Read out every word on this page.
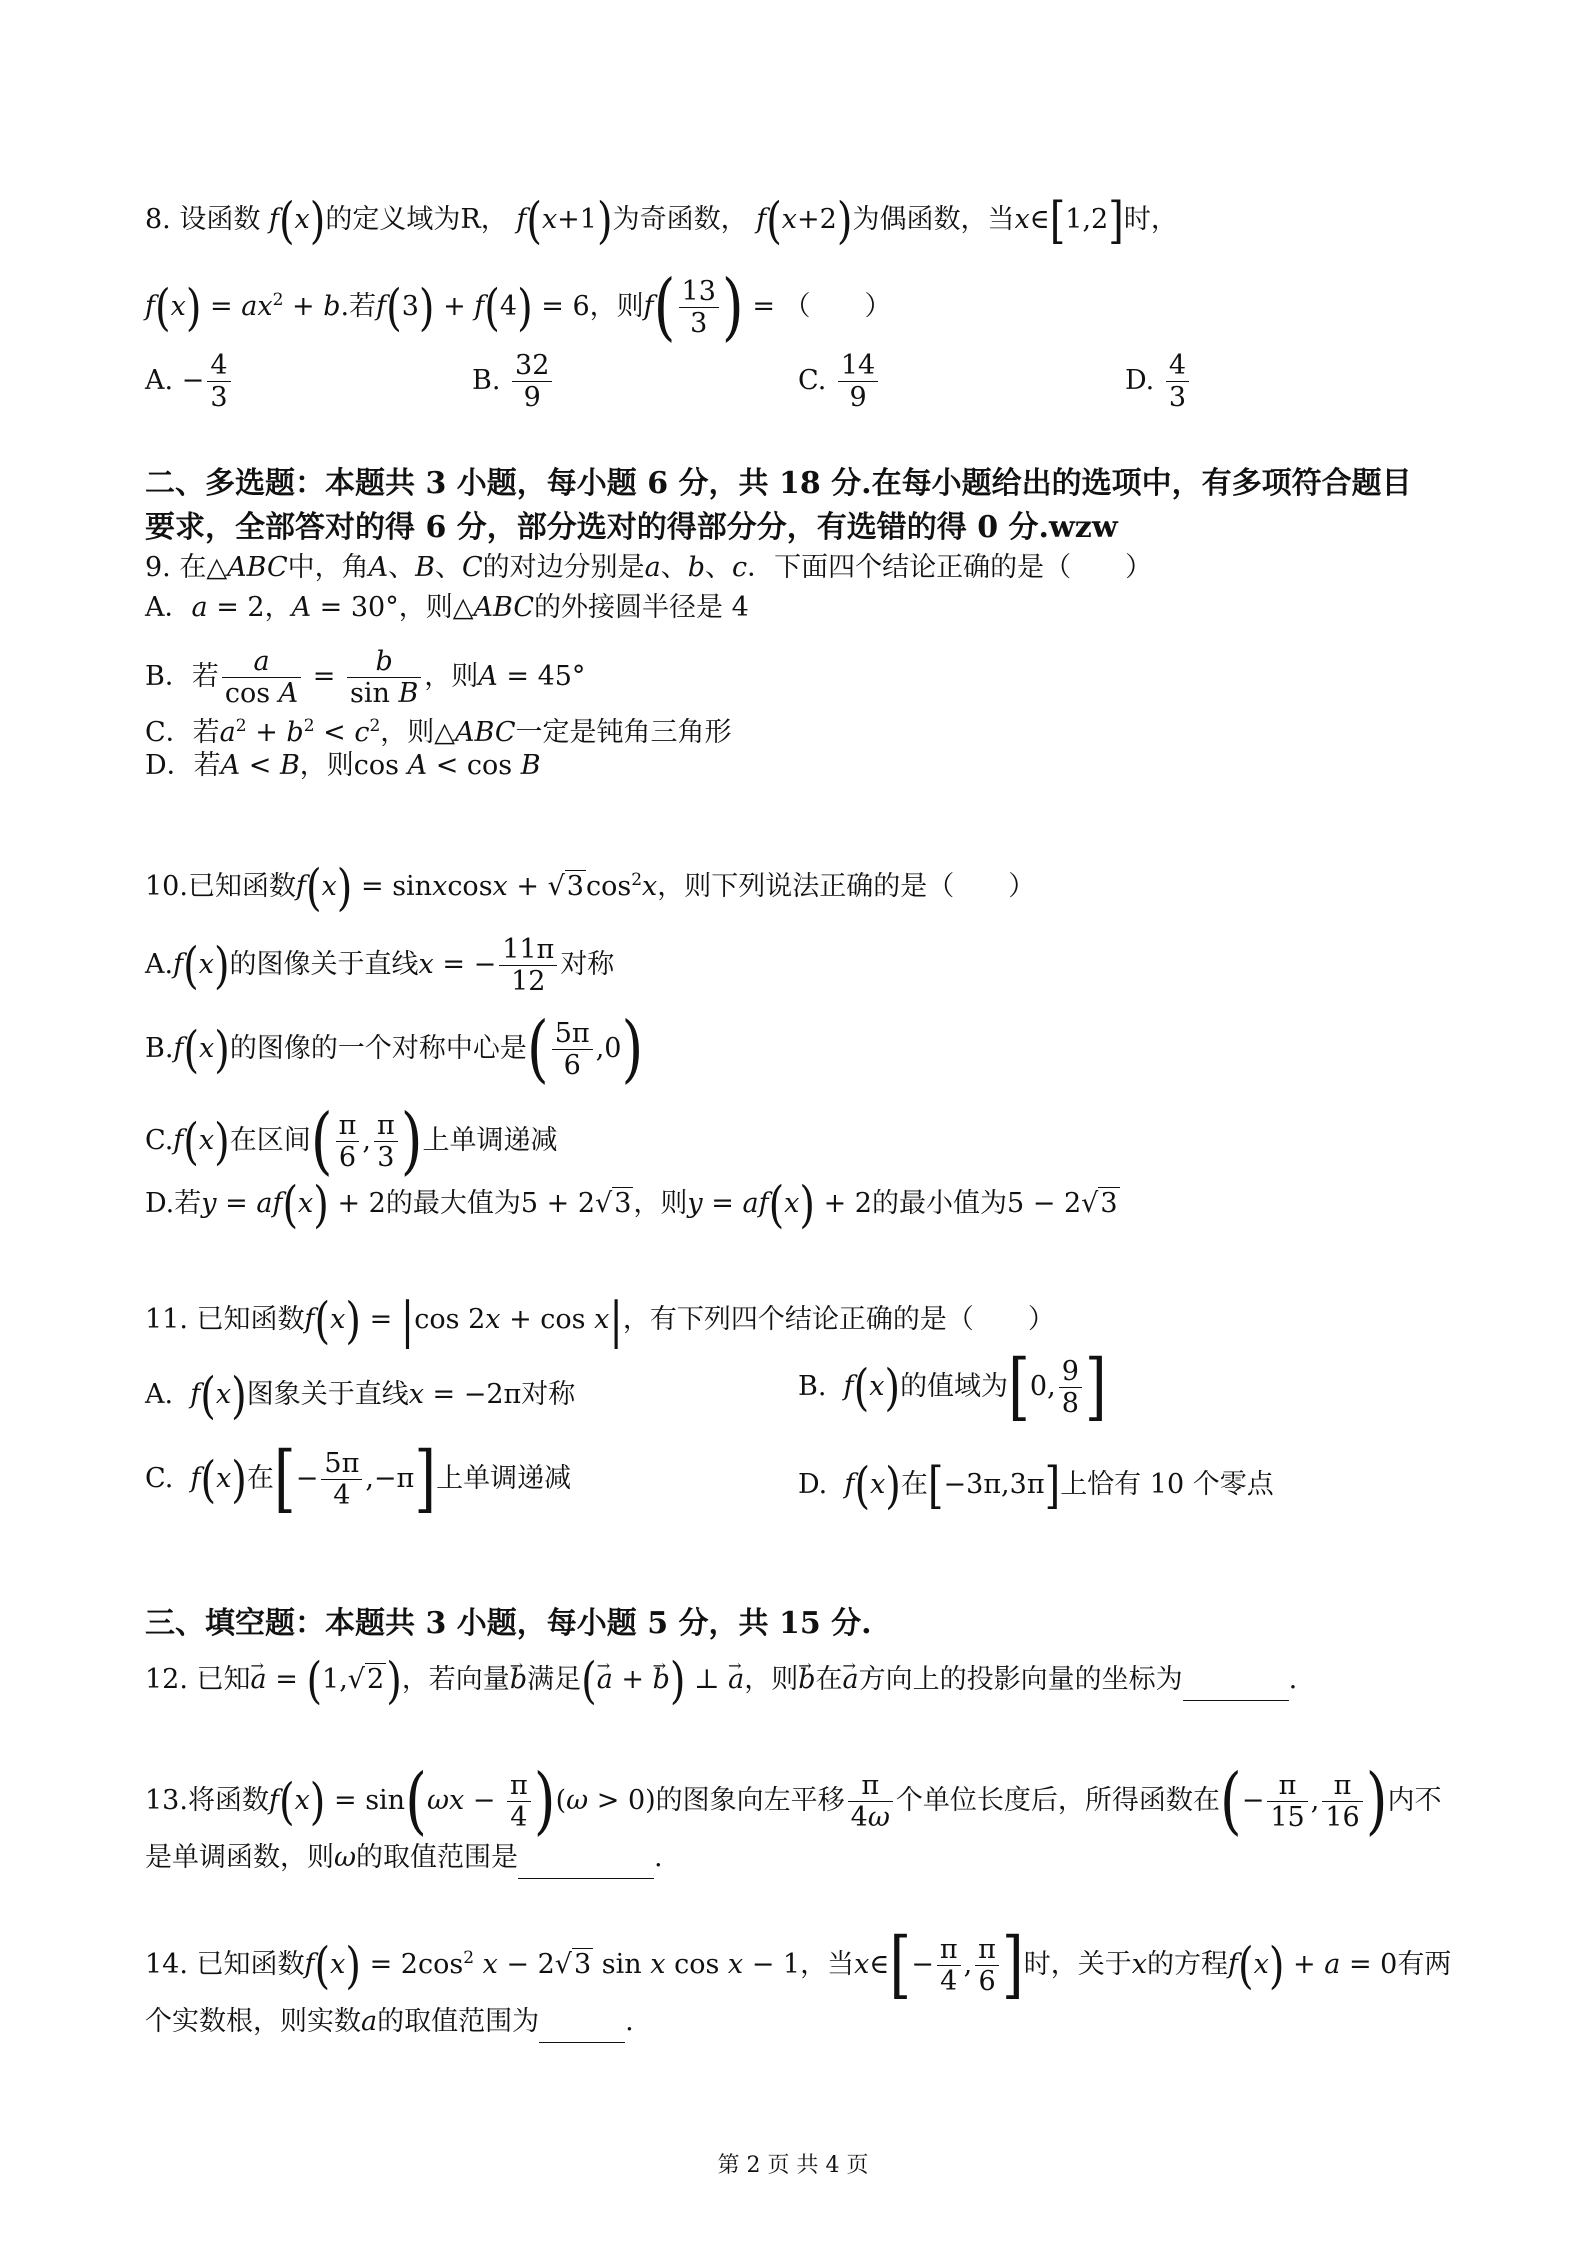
8. 设函数 f(x)的定义域为R， f(x+1)为奇函数， f(x+2)为偶函数，当x∈[1,2]时，
$f(x) = ax^2 + b$.若f(3) + f(4) = 6，则$f( \frac{13}{3}$ ) = （　　）
A. − $\frac{4}{3}$	B. $\frac{32}{9}$	C. $\frac{14}{9}$	D. $\frac{4}{3}$
二、多选题：本题共 3 小题，每小题 6 分，共 18 分.在每小题给出的选项中，有多项符合题目
要求，全部答对的得 6 分，部分选对的得部分分，有选错的得 0 分.wzw
9. 在△ABC中，角A、B、C的对边分别是a、b、c．下面四个结论正确的是（　　）
A．a = 2，A = 30°，则△ABC的外接圆半径是 4
B．若 $\frac{a}{\text{cos A}} = \frac{b}{\text{sin B}}$ ，则A = 45°
C．若$a^2 + b^2 < c^2$，则△ABC一定是钝角三角形
D．若A < B，则cos A < cos B
10.已知函数f(x) = sinxcosx + $√3\cos^2x$，则下列说法正确的是（　　）
A.f(x)的图像关于直线x = − $\frac{11\pi}{12}$ 对称
B.f(x)的图像的一个对称中心是( $\frac{5\pi}{6} ,0$)
C.f(x)在区间( $\frac{\pi}{6}$ , $\frac{\pi}{3}$ )上单调递减
D.若y = af(x) + 2的最大值为5 + 2√3，则y = af(x) + 2的最小值为5 − 2√3
11. 已知函数f(x) = |cos 2x + cos x|，有下列四个结论正确的是（　　）
A. f(x)图象关于直线x = −2π对称	B. f(x)的值域为[0, $\frac{9}{8}$ ]
C. f(x)在[− $\frac{5\pi}{4} ,-\pi$]上单调递减	D. f(x)在[−3π,3π]上恰有 10 个零点
三、填空题：本题共 3 小题，每小题 5 分，共 15 分.
12. 已知→ a = (1,√2)，若向量→ b满足(→ a + → b) ⊥ → a，则→ b在→ a方向上的投影向量的坐标为	.
13.将函数$f(x) = \sin(\omega x - \frac{\pi}{4} )(\omega > 0)$的图象向左平移 $\frac{\pi}{4\omega}$ 个单位长度后，所得函数在(− $\frac{\pi}{15}$ , $\frac{\pi}{16}$ )内不
是单调函数，则ω的取值范围是	.
14. 已知函数$f(x) = 2\cos^2$ x − 2√3 sin x cos x − 1，当x∈[− $\frac{\pi}{4}$ , $\frac{\pi}{6}$ ]时，关于x的方程f(x) + a = 0有两
个实数根，则实数a的取值范围为	.
第 2 页 共 4 页
